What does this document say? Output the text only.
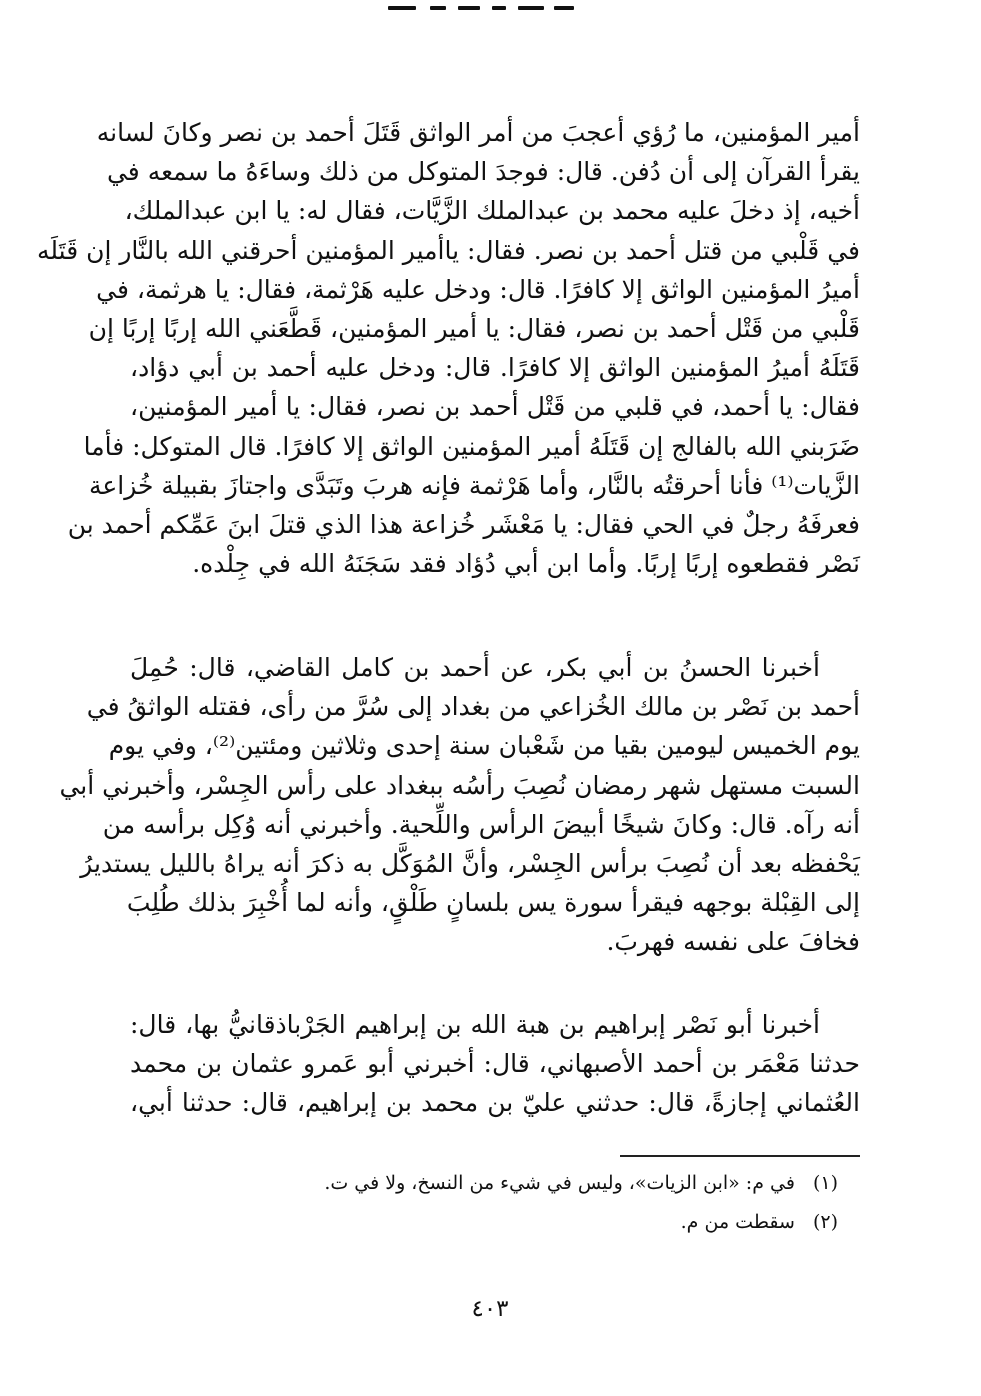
أمير المؤمنين، ما رُؤي أعجبَ من أمر الواثق قَتَلَ أحمد بن نصر وكانَ لسانه
يقرأ القرآن إلى أن دُفن. قال: فوجدَ المتوكل من ذلك وساءَهُ ما سمعه في
أخيه، إذ دخلَ عليه محمد بن عبدالملك الزَّيَّات، فقال له: يا ابن عبدالملك،
في قَلْبي من قتل أحمد بن نصر. فقال: ياأمير المؤمنين أحرقني الله بالنَّار إن قَتَلَه
أميرُ المؤمنين الواثق إلا كافرًا. قال: ودخل عليه هَرْثمة، فقال: يا هرثمة، في
قَلْبي من قَتْل أحمد بن نصر، فقال: يا أمير المؤمنين، قَطَّعَني الله إربًا إربًا إن
قَتَلَهُ أميرُ المؤمنين الواثق إلا كافرًا. قال: ودخل عليه أحمد بن أبي دؤاد،
فقال: يا أحمد، في قلبي من قَتْل أحمد بن نصر، فقال: يا أمير المؤمنين،
ضَرَبني الله بالفالج إن قَتَلَهُ أمير المؤمنين الواثق إلا كافرًا. قال المتوكل: فأما
الزَّيات⁽¹⁾ فأنا أحرقتُه بالنَّار، وأما هَرْثمة فإنه هربَ وتَبَدَّى واجتازَ بقبيلة خُزاعة
فعرفَهُ رجلٌ في الحي فقال: يا مَعْشَر خُزاعة هذا الذي قتلَ ابنَ عَمِّكم أحمد بن
نَصْر فقطعوه إربًا إربًا. وأما ابن أبي دُؤاد فقد سَجَنَهُ الله في جِلْده.
أخبرنا الحسنُ بن أبي بكر، عن أحمد بن كامل القاضي، قال: حُمِلَ
أحمد بن نَصْر بن مالك الخُزاعي من بغداد إلى سُرَّ من رأى، فقتله الواثقُ في
يوم الخميس ليومين بقيا من شَعْبان سنة إحدى وثلاثين ومئتين⁽²⁾، وفي يوم
السبت مستهل شهر رمضان نُصِبَ رأسُه ببغداد على رأس الجِسْر، وأخبرني أبي
أنه رآه. قال: وكانَ شيخًا أبيضَ الرأس واللِّحية. وأخبرني أنه وُكِل برأسه من
يَحْفظه بعد أن نُصِبَ برأس الجِسْر، وأنَّ المُوَكَّل به ذكرَ أنه يراهُ بالليل يستديرُ
إلى القِبْلة بوجهه فيقرأ سورة يس بلسانٍ طَلْقٍ، وأنه لما أُخْبِرَ بذلك طُلِبَ
فخافَ على نفسه فهربَ.
أخبرنا أبو نَصْر إبراهيم بن هبة الله بن إبراهيم الجَرْباذقانيُّ بها، قال:
حدثنا مَعْمَر بن أحمد الأصبهاني، قال: أخبرني أبو عَمرو عثمان بن محمد
العُثماني إجازةً، قال: حدثني عليّ بن محمد بن إبراهيم، قال: حدثنا أبي،
(١)في م: «ابن الزيات»، وليس في شيء من النسخ، ولا في ت.
(٢)سقطت من م.
٤٠٣
